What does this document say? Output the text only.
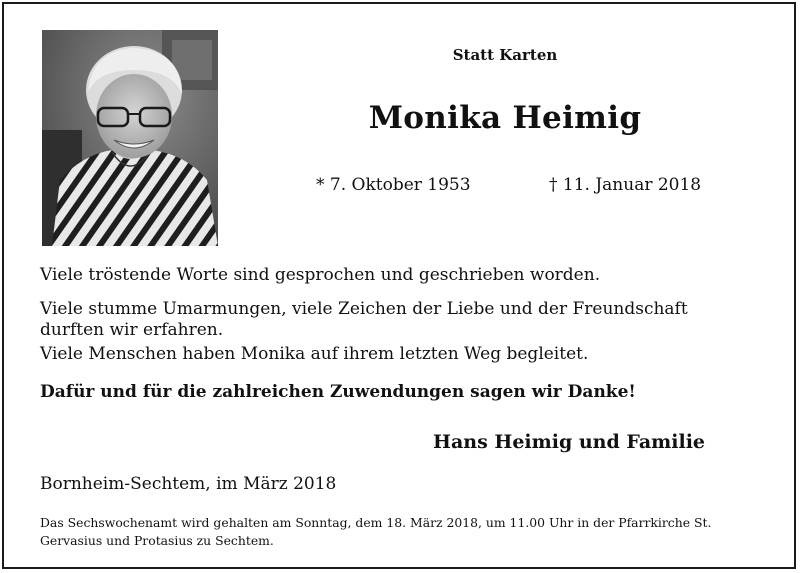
Statt Karten
Monika Heimig
* 7. Oktober 1953	† 11. Januar 2018
Viele tröstende Worte sind gesprochen und geschrieben worden.
Viele stumme Umarmungen, viele Zeichen der Liebe und der Freundschaft durften wir erfahren.
Viele Menschen haben Monika auf ihrem letzten Weg begleitet.
Dafür und für die zahlreichen Zuwendungen sagen wir Danke!
Hans Heimig und Familie
Bornheim-Sechtem, im März 2018
Das Sechswochenamt wird gehalten am Sonntag, dem 18. März 2018, um 11.00 Uhr in der Pfarrkirche St. Gervasius und Protasius zu Sechtem.
